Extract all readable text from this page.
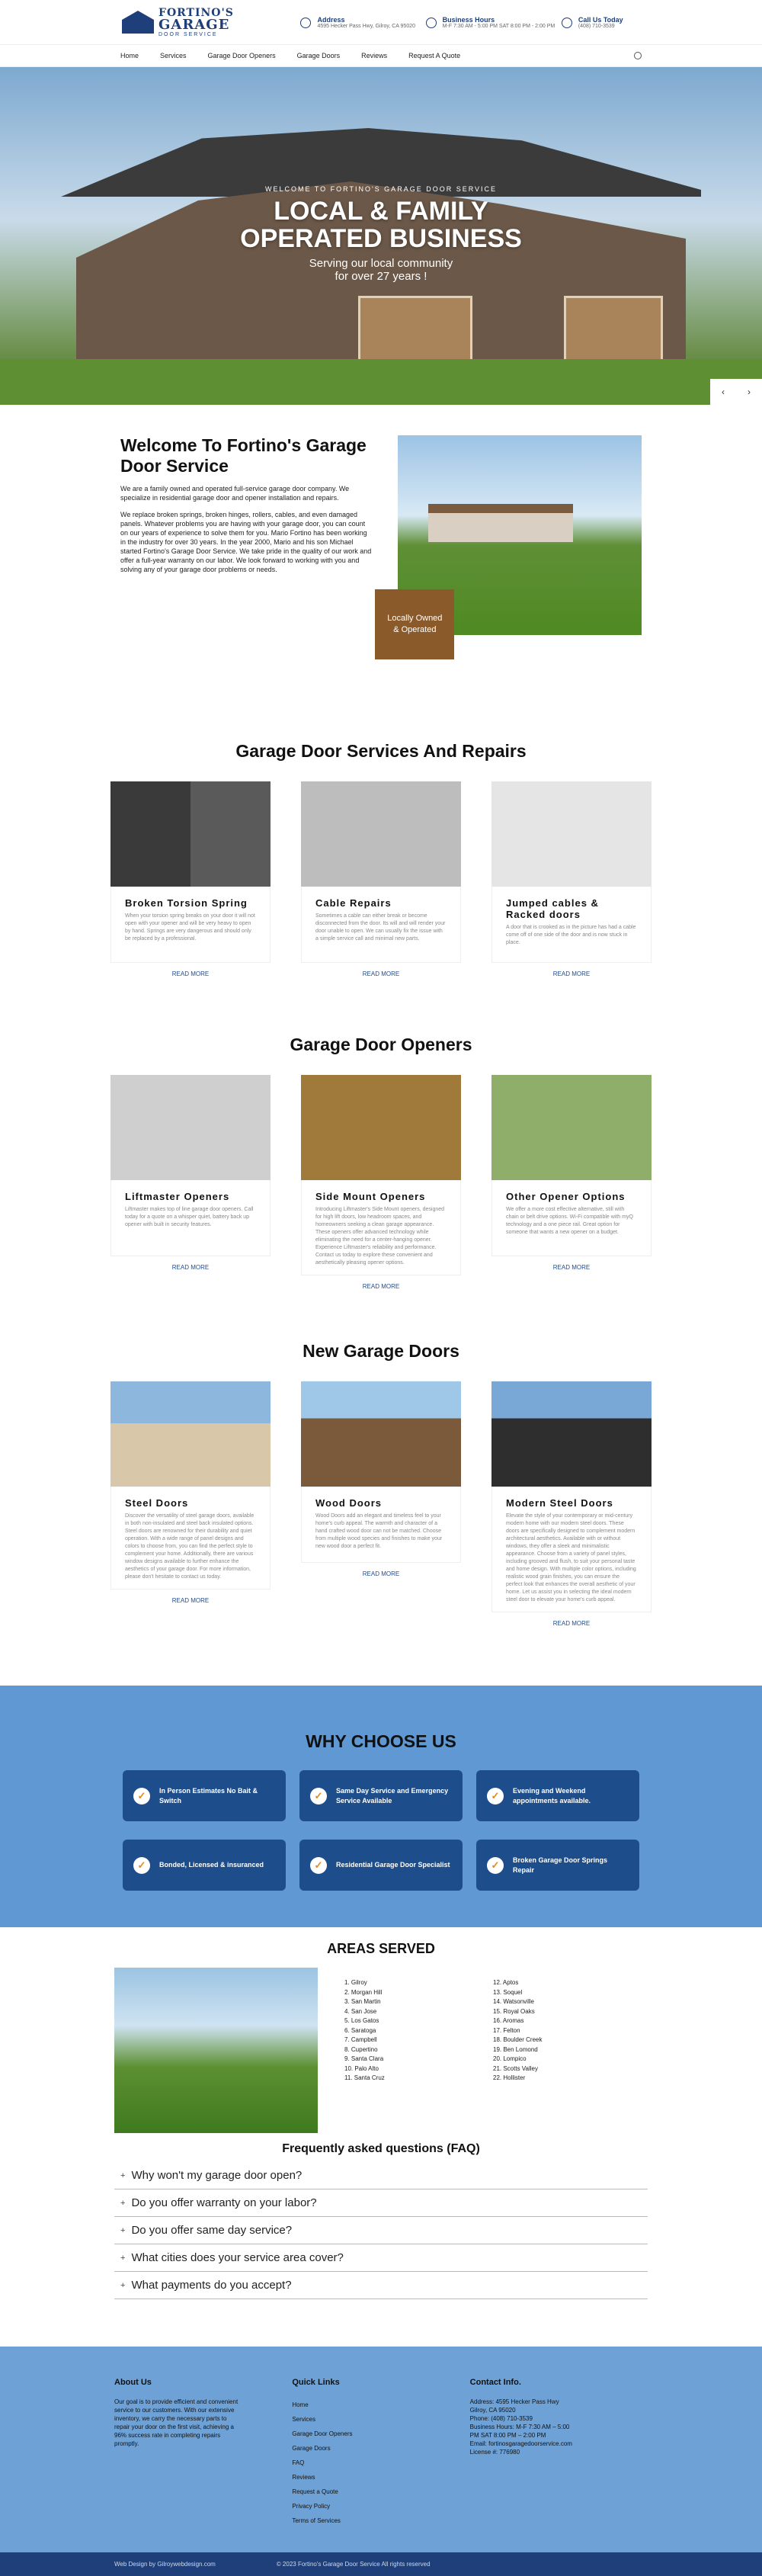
FORTINO'S
GARAGE
DOOR SERVICE
Address
4595 Hecker Pass Hwy, Gilroy, CA 95020
Business Hours
M-F 7:30 AM - 5:00 PM SAT 8:00 PM - 2:00 PM
Call Us Today
(408) 710-3539
Home	Services	Garage Door Openers	Garage Doors	Reviews	Request A Quote
WELCOME TO FORTINO'S GARAGE DOOR SERVICE
LOCAL & FAMILY
OPERATED BUSINESS

Serving our local community
for over 27 years !

‹	›
Welcome To Fortino's Garage Door Service

We are a family owned and operated full-service garage door company. We specialize in residential garage door and opener installation and repairs.

We replace broken springs, broken hinges, rollers, cables, and even damaged panels. Whatever problems you are having with your garage door, you can count on our years of experience to solve them for you. Mario Fortino has been working in the industry for over 30 years. In the year 2000, Mario and his son Michael started Fortino's Garage Door Service. We take pride in the quality of our work and offer a full-year warranty on our labor. We look forward to working with you and solving any of your garage door problems or needs.

Locally Owned & Operated
Garage Door Services And Repairs
Broken Torsion Spring

When your torsion spring breaks on your door it will not open with your opener and will be very heavy to open by hand. Springs are very dangerous and should only be replaced by a professional.

READ MORE
Cable Repairs

Sometimes a cable can either break or become disconnected from the door. Its will and will render your door unable to open. We can usually fix the issue with a simple service call and minimal new parts.

READ MORE
Jumped cables & Racked doors

A door that is crooked as in the picture has had a cable come off of one side of the door and is now stuck in place.

READ MORE
Garage Door Openers
Liftmaster Openers

Liftmaster makes top of line garage door openers. Call today for a quote on a whisper quiet, battery back up opener with built in security features.

READ MORE
Side Mount Openers

Introducing Liftmaster's Side Mount openers, designed for high lift doors, low headroom spaces, and homeowners seeking a clean garage appearance. These openers offer advanced technology while eliminating the need for a center-hanging opener. Experience Liftmaster's reliability and performance. Contact us today to explore these convenient and aesthetically pleasing opener options.

READ MORE
Other Opener Options

We offer a more cost effective alternative, still with chain or belt drive options. Wi-Fi compatible with myQ technology and a one piece rail. Great option for someone that wants a new opener on a budget.

READ MORE
New Garage Doors
Steel Doors

Discover the versatility of steel garage doors, available in both non-insulated and steel back insulated options. Steel doors are renowned for their durability and quiet operation. With a wide range of panel designs and colors to choose from, you can find the perfect style to complement your home. Additionally, there are various window designs available to further enhance the aesthetics of your garage door. For more information, please don't hesitate to contact us today.

READ MORE
Wood Doors

Wood Doors add an elegant and timeless feel to your home's curb appeal. The warmth and character of a hand crafted wood door can not be matched. Choose from multiple wood species and finishes to make your new wood door a perfect fit.

READ MORE
Modern Steel Doors

Elevate the style of your contemporary or mid-century modern home with our modern steel doors. These doors are specifically designed to complement modern architectural aesthetics. Available with or without windows, they offer a sleek and minimalistic appearance. Choose from a variety of panel styles, including grooved and flush, to suit your personal taste and home design. With multiple color options, including realistic wood grain finishes, you can ensure the perfect look that enhances the overall aesthetic of your home. Let us assist you in selecting the ideal modern steel door to elevate your home's curb appeal.

READ MORE
WHY CHOOSE US
✓	In Person Estimates No Bait & Switch	✓	Same Day Service and Emergency Service Available	✓	Evening and Weekend appointments available.
✓	Bonded, Licensed & insuranced	✓	Residential Garage Door Specialist	✓	Broken Garage Door Springs Repair
AREAS SERVED
1. Gilroy
2. Morgan Hill
3. San Martin
4. San Jose
5. Los Gatos
6. Saratoga
7. Campbell
8. Cupertino
9. Santa Clara
10. Palo Alto
11. Santa Cruz
12. Aptos
13. Soquel
14. Watsonville
15. Royal Oaks
16. Aromas
17. Felton
18. Boulder Creek
19. Ben Lomond
20. Lompico
21. Scotts Valley
22. Hollister
Frequently asked questions (FAQ)
+ Why won't my garage door open?
+ Do you offer warranty on your labor?
+ Do you offer same day service?
+ What cities does your service area cover?
+ What payments do you accept?
About Us

Our goal is to provide efficient and convenient service to our customers. With our extensive inventory, we carry the necessary parts to repair your door on the first visit, achieving a 96% success rate in completing repairs promptly.

Quick Links
Home
Services
Garage Door Openers
Garage Doors
FAQ
Reviews
Request a Quote
Privacy Policy
Terms of Services
Contact Info.

Address: 4595 Hecker Pass Hwy Gilroy, CA 95020

Phone: (408) 710-3539

Business Hours: M-F 7:30 AM – 5:00 PM SAT 8:00 PM – 2:00 PM

Email: fortinosgaragedoorservice.com

License #: 776980

Web Design by Gilroywebdesign.com	© 2023 Fortino's Garage Door Service All rights reserved
